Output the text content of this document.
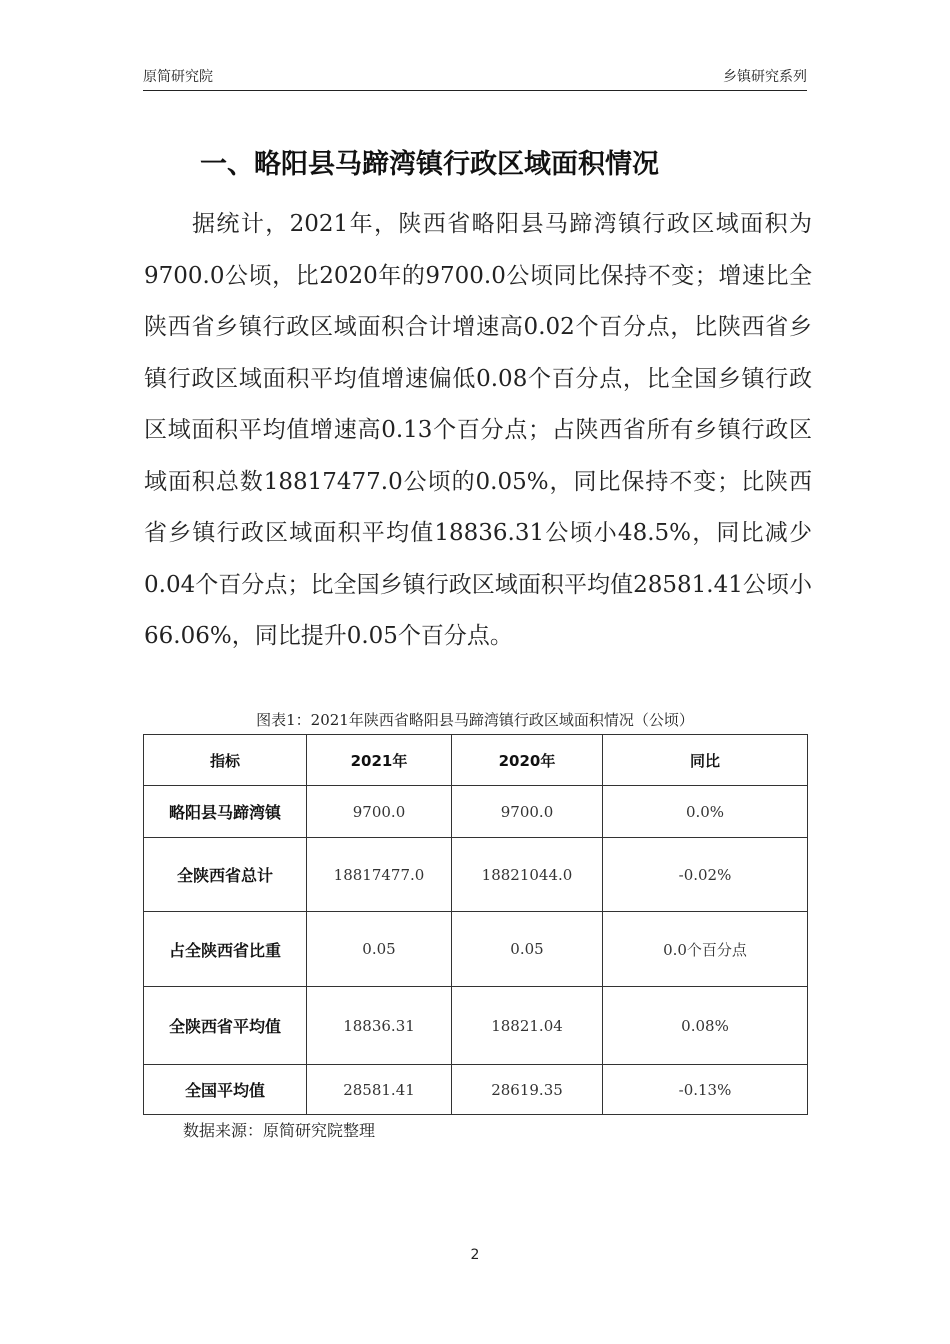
原简研究院	乡镇研究系列
一、略阳县马蹄湾镇行政区域面积情况

据统计，2021年，陕西省略阳县马蹄湾镇行政区域面积为9700.0公顷，比2020年的9700.0公顷同比保持不变；增速比全陕西省乡镇行政区域面积合计增速高0.02个百分点，比陕西省乡镇行政区域面积平均值增速偏低0.08个百分点，比全国乡镇行政区域面积平均值增速高0.13个百分点；占陕西省所有乡镇行政区域面积总数18817477.0公顷的0.05%，同比保持不变；比陕西省乡镇行政区域面积平均值18836.31公顷小48.5%，同比减少0.04个百分点；比全国乡镇行政区域面积平均值28581.41公顷小66.06%，同比提升0.05个百分点。

图表1：2021年陕西省略阳县马蹄湾镇行政区域面积情况（公顷）
指标	2021年	2020年	同比
略阳县马蹄湾镇	9700.0	9700.0	0.0%
全陕西省总计	18817477.0	18821044.0	-0.02%
占全陕西省比重	0.05	0.05	0.0个百分点
全陕西省平均值	18836.31	18821.04	0.08%
全国平均值	28581.41	28619.35	-0.13%
数据来源：原简研究院整理
2
